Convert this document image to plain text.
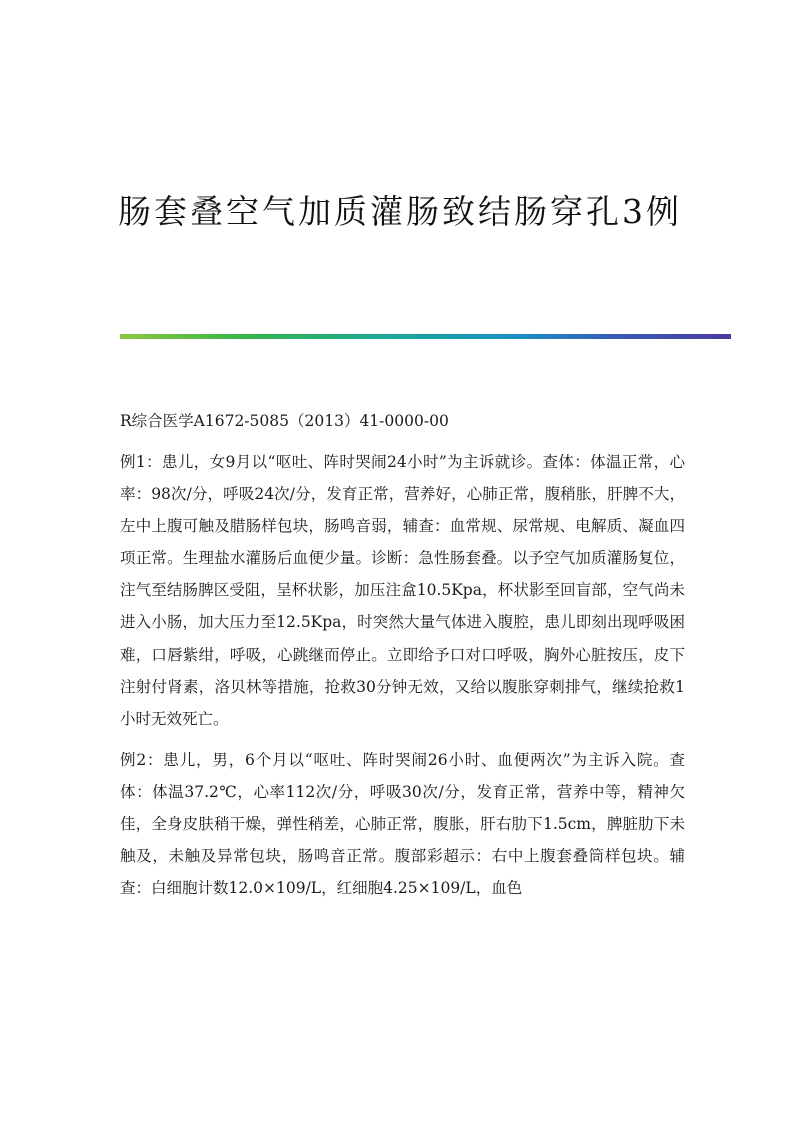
肠套叠空气加质灌肠致结肠穿孔3例

R综合医学A1672-5085（2013）41-0000-00

例1：患儿，女9月以“呕吐、阵时哭闹24小时”为主诉就诊。查体：体温正常，心率：98次/分，呼吸24次/分，发育正常，营养好，心肺正常，腹稍胀，肝脾不大，左中上腹可触及腊肠样包块，肠鸣音弱，辅查：血常规、尿常规、电解质、凝血四项正常。生理盐水灌肠后血便少量。诊断：急性肠套叠。以予空气加质灌肠复位，注气至结肠脾区受阻，呈杯状影，加压注盒10.5Kpa，杯状影至回盲部，空气尚未进入小肠，加大压力至12.5Kpa，时突然大量气体进入腹腔，患儿即刻出现呼吸困难，口唇紫绀，呼吸，心跳继而停止。立即给予口对口呼吸，胸外心脏按压，皮下注射付肾素，洛贝林等措施，抢救30分钟无效，又给以腹胀穿刺排气，继续抢救1小时无效死亡。

例2：患儿，男，6个月以“呕吐、阵时哭闹26小时、血便两次”为主诉入院。查体：体温37.2℃，心率112次/分，呼吸30次/分，发育正常，营养中等，精神欠佳，全身皮肤稍干燥，弹性稍差，心肺正常，腹胀，肝右肋下1.5cm，脾脏肋下未触及，未触及异常包块，肠鸣音正常。腹部彩超示：右中上腹套叠筒样包块。辅查：白细胞计数12.0×109/L，红细胞4.25×109/L，血色
